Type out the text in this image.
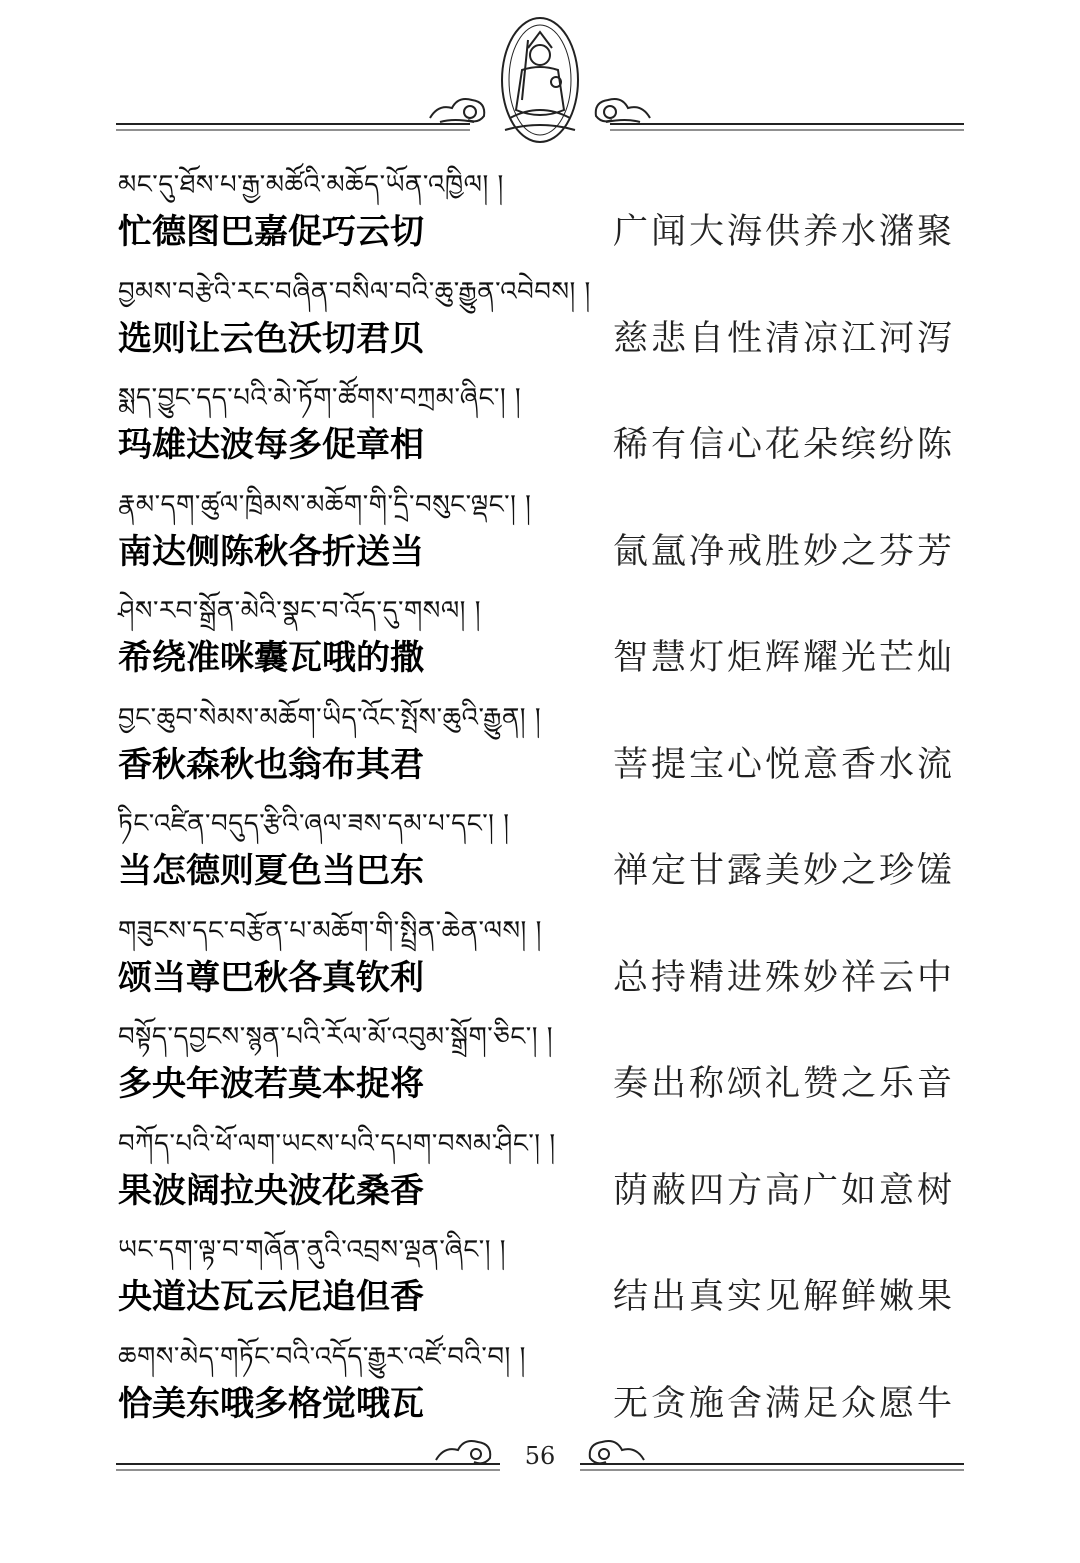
མང་དུ་ཐོས་པ་རྒྱ་མཚོའི་མཆོད་ཡོན་འཁྱིལ། །
忙德图巴嘉促巧云切	广闻大海供养水潴聚
བྱམས་བརྩེའི་རང་བཞིན་བསིལ་བའི་ཆུ་རྒྱུན་འབེབས། །
选则让云色沃切君贝	慈悲自性清凉江河泻
སྨད་བྱུང་དད་པའི་མེ་ཏོག་ཚོགས་བཀྲམ་ཞིང་། །
玛雄达波每多促章相	稀有信心花朵缤纷陈
རྣམ་དག་ཚུལ་ཁྲིམས་མཆོག་གི་དྲི་བསུང་ལྡང་། །
南达侧陈秋各折送当	氤氲净戒胜妙之芬芳
ཤེས་རབ་སྒྲོན་མེའི་སྣང་བ་འོད་དུ་གསལ། །
希绕准咪囊瓦哦的撒	智慧灯炬辉耀光芒灿
བྱང་ཆུབ་སེམས་མཆོག་ཡིད་འོང་སྤོས་ཆུའི་རྒྱུན། །
香秋森秋也翁布其君	菩提宝心悦意香水流
ཏིང་འཛིན་བདུད་རྩིའི་ཞལ་ཟས་དམ་པ་དང་། །
当怎德则夏色当巴东	禅定甘露美妙之珍馐
གཟུངས་དང་བརྩོན་པ་མཆོག་གི་སྤྲིན་ཆེན་ལས། །
颂当尊巴秋各真钦利	总持精进殊妙祥云中
བསྟོད་དབྱངས་སྙན་པའི་རོལ་མོ་འབུམ་སྒྲོག་ཅིང་། །
多央年波若莫本捉将	奏出称颂礼赞之乐音
བཀོད་པའི་ཕོ་ལག་ཡངས་པའི་དཔག་བསམ་ཤིང་། །
果波阔拉央波花桑香	荫蔽四方高广如意树
ཡང་དག་ལྟ་བ་གཞོན་ནུའི་འབྲས་ལྡན་ཞིང་། །
央道达瓦云尼追但香	结出真实见解鲜嫩果
ཆགས་མེད་གཏོང་བའི་འདོད་རྒྱུར་འཛོ་བའི་བ། །
恰美东哦多格觉哦瓦	无贪施舍满足众愿牛
56
